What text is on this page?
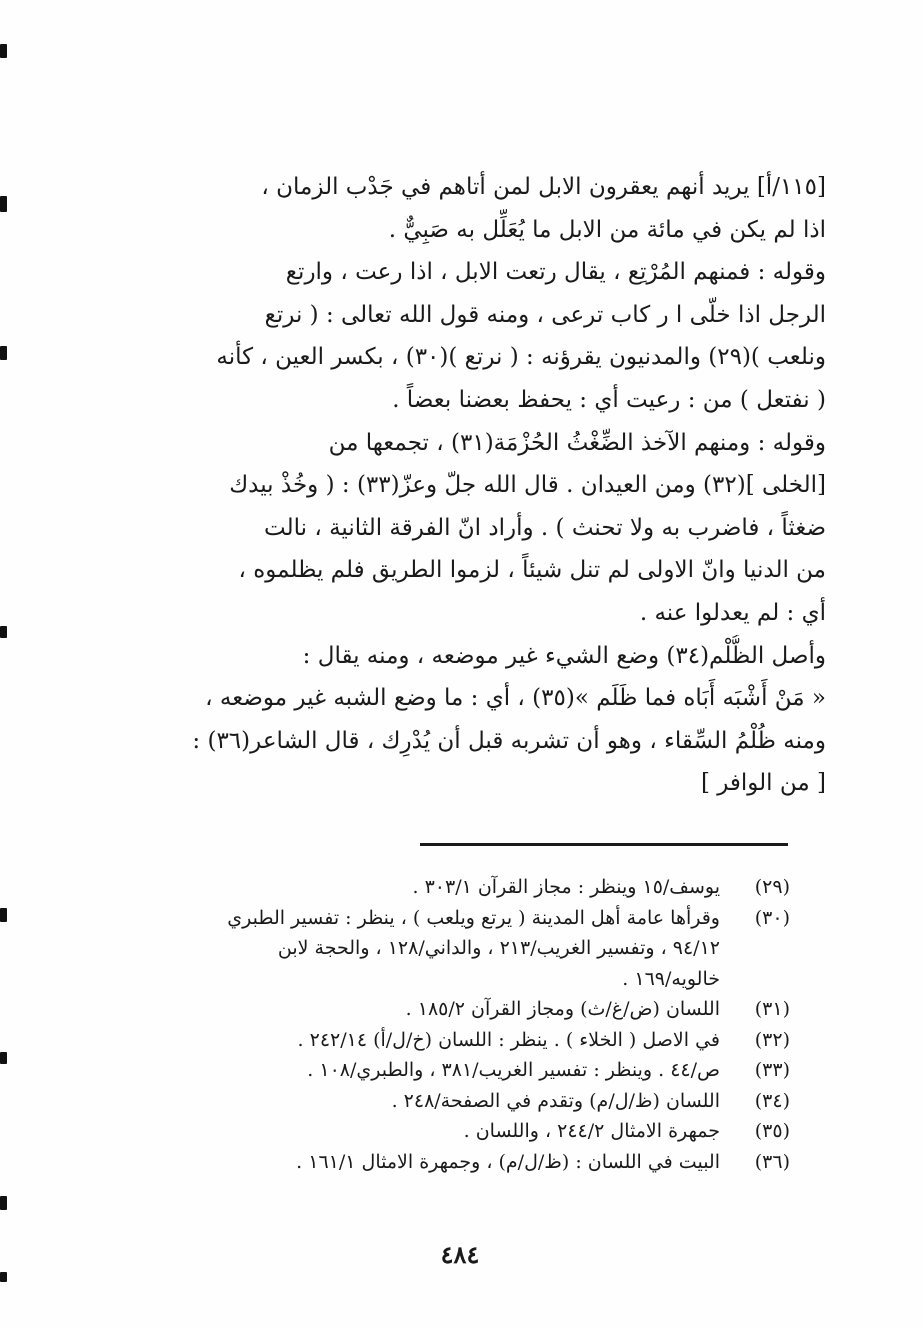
[١١٥/أ] يريد أنهم يعقرون الابل لمن أتاهم في جَدْب الزمان ،
اذا لم يكن في مائة من الابل ما يُعَلِّل به صَبِيٌّ .
وقوله : فمنهم المُرْتِع ، يقال رتعت الابل ، اذا رعت ، وارتع
الرجل اذا خلّى ا ر كاب ترعى ، ومنه قول الله تعالى : ( نرتع
ونلعب )(٢٩) والمدنيون يقرؤنه : ( نرتع )(٣٠) ، بكسر العين ، كأنه
( نفتعل ) من : رعيت أي : يحفظ بعضنا بعضاً .
وقوله : ومنهم الآخذ الضِّغْثُ الحُزْمَة(٣١) ، تجمعها من
[الخلى ](٣٢) ومن العيدان . قال الله جلّ وعزّ(٣٣) : ( وخُذْ بيدك
ضغثاً ، فاضرب به ولا تحنث ) . وأراد انّ الفرقة الثانية ، نالت
من الدنيا وانّ الاولى لم تنل شيئاً ، لزموا الطريق فلم يظلموه ،
أي : لم يعدلوا عنه .
وأصل الظُّلْم(٣٤) وضع الشيء غير موضعه ، ومنه يقال :
« مَنْ أَشْبَه أَبَاه فما ظَلَم »(٣٥) ، أي : ما وضع الشبه غير موضعه ،
ومنه ظُلْمُ السِّقاء ، وهو أن تشربه قبل أن يُدْرِك ، قال الشاعر(٣٦) :
[ من الوافر ]
(٢٩)
يوسف/١٥ وينظر : مجاز القرآن ٣٠٣/١ .
(٣٠)
وقرأها عامة أهل المدينة ( يرتع ويلعب ) ، ينظر : تفسير الطبري
٩٤/١٢ ، وتفسير الغريب/٢١٣ ، والداني/١٢٨ ، والحجة لابن
خالويه/١٦٩ .
(٣١)
اللسان (ض/غ/ث) ومجاز القرآن ١٨٥/٢ .
(٣٢)
في الاصل ( الخلاء ) . ينظر : اللسان (خ/ل/أ) ٢٤٢/١٤ .
(٣٣)
ص/٤٤ . وينظر : تفسير الغريب/٣٨١ ، والطبري/١٠٨ .
(٣٤)
اللسان (ظ/ل/م) وتقدم في الصفحة/٢٤٨ .
(٣٥)
جمهرة الامثال ٢٤٤/٢ ، واللسان .
(٣٦)
البيت في اللسان : (ظ/ل/م) ، وجمهرة الامثال ١٦١/١ .
٤٨٤
